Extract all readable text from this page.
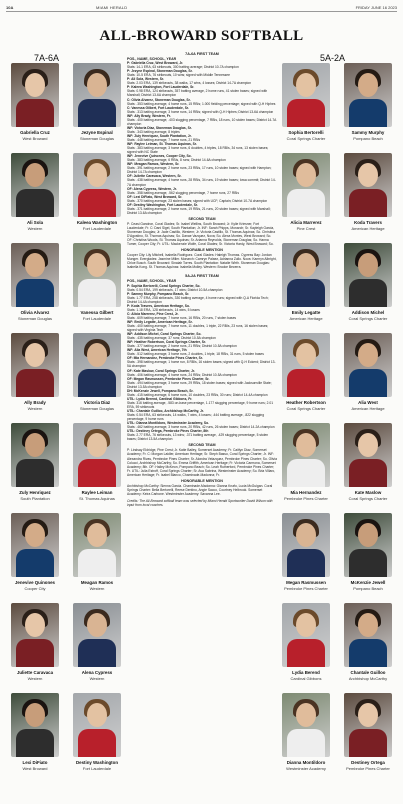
10A	MIAMI HERALD	FRIDAY JUNE 16 2023
ALL-BROWARD SOFTBALL
7A-6A	5A-2A
Gabriella Cruz
West Broward
Jezyne Espinal
Stoneman Douglas
Ali Sola
Western
Kaleea Washington
Fort Lauderdale
Olivia Alvarez
Stoneman Douglas
Vanessa Gilbert
Fort Lauderdale
Ally Brady
Western
Victoria Diaz
Stoneman Douglas
Zuly Henriquez
South Plantation
Raylee Leiman
St. Thomas Aquinas
Jenevive Quinones
Cooper City
Meagan Ramos
Western
Juliette Caravaca
Western
Alena Cypress
Western
Lexi DiFiato
West Broward
Destiny Washington
Fort Lauderdale
Sophia Bertorelli
Coral Springs Charter
Sammy Murphy
Pompano Beach
Alicia Marrerez
Pine Crest
Koda Travers
American Heritage
Emily Legatte
American Heritage
Addison Michel
Coral Springs Charter
Heather Robertson
Coral Springs Charter
Alia West
American Heritage
Mia Hernandez
Pembroke Pines Charter
Kate Maslow
Coral Springs Charter
Megan Rasmussen
Pembroke Pines Charter
McKenzie Jewell
Pompano Beach
Lydia Berend
Cardinal Gibbons
Chantale Guilloo
Archbishop McCarthy
Dianna Montildoro
Westminster Academy
Destiney Ortega
Pembroke Pines Charter
7A-6A FIRST TEAM
POS., NAME, SCHOOL, YEAR

P: Gabriella Cruz, West Broward, Jr.
Stats: 14-1 ERA, 63 strikeouts, 300 batting average; District 10-7A champion

P: Jezyne Espinal, Stoneman Douglas, Sr.
Stats: 10-5 ERA, 76 strikeouts, 10 wins; signed with Middle Tennessee

P: Ali Sola, Western, Sr.
Stats: 2.03 ERA, 139 strikeouts, 38 walks, 17 wins, 4 losses; District 14-7A champion

P: Kaleea Washington, Fort Lauderdale, Sr.
Stats: 0.98 ERA, 124 strikeouts, 357 batting average, 2 home runs, 41 stolen bases; signed with Marshall; District 13-6A champion

C: Olivia Alvarez, Stoneman Douglas, Sr.
Stats: .353 batting average, 4 home runs, 15 RBIs; 1.000 fielding percentage; signed with Q-H Hiphes

C: Vanessa Gilbert, Fort Lauderdale, Sr.
Stats: .313 batting average, 3 home runs, 14 RBIs; signed with Q-H Hiphes; District 13-6A champion

INF: Ally Brady, Western, Fr.
Stats: .400 batting average, .403 slugging percentage, 7 RBIs, 18 runs, 10 stolen bases; District 14-7A champion

INF: Victoria Diaz, Stoneman Douglas, Sr.
Stats: .343 batting average, 8 triples

INF: Zuly Henriquez, South Plantation, Jr.
Stats: .448 batting average, 7 home runs, 21 RBIs

INF: Raylee Leiman, St. Thomas Aquinas, Sr.
Stats: .383 batting average, 3 home runs, 6 doubles, 4 triples, 18 RBIs, 34 runs, 13 stolen bases; signed with NC State

INF: Jenevive Quinones, Cooper City, So.
Stats: .383 batting average, 6 RBIs, 8 runs; District 14-6A champion

INF: Meagan Ramos, Western, Sr.
Stats: .391 batting average, 2 home runs, 23 RBIs, 17 runs, 10 stolen bases; signed with Hampton; District 14-7A champion

OF: Juliette Caravaca, Western, Sr.
Stats: .438 batting average, 4 home runs, 28 RBIs, 34 runs, 19 stolen bases; Iowa commit; District 14-7A champion

OF: Alena Cypress, Western, Jr.
Stats: .358 batting average, .562 slugging percentage, 7 home runs, 27 RBIs

OF: Lexi DiFiato, West Broward, Sr.
Stats: .370 batting average, 23 stolen bases; signed with UCF; Captain; District 10-7A champion

OF: Destiny Washington, Fort Lauderdale, Sr.
Stats: .371 batting average, 2 home runs, 19 RBIs, 21 runs, 20 stolen bases; signed with Marshall; District 13-6A champion

SECOND TEAM

P: Ceasi Gandron, Coral Glades; Sr. Isabel Wellins, South Broward; Jr. Kylie Kriesner, Fort Lauderdale; Fr. C: Dani Sigel, South Plantation; Jr. INF: Sarah Phipps, Monarch; Sr. Kayleigh Garcia, Stoneman Douglas; Jr. Jade Castillo, Western; Jr. Victoria Castillo, St. Thomas Aquinas; So. Christina D'Agostino, St. Thomas Aquinas; So. Danae Vazquez, Nova; So. Alexa Montes, West Broward; So. OF: Christina Woods, St. Thomas Aquinas; Sr. Arianna Reynolds, Stoneman Douglas; So. Hanna Tumer, Cooper City; Fr. UTIL: Mackenzie Wolfe, Coral Glades; Sr. Victoria Hardy, West Broward; So.

HONORABLE MENTION

Cooper City: Lily Mitchell, Isabella Rodriguez. Coral Glades: Haleigh Thomas. Cypress Bay: Jordan Munger. Everglades: Jasmine Miller. Monarch: Camryn Palaez, Adrianna Zullo. Nova: Kamryn Albright, Chloe Busch. South Broward: Sinaiah Torres. South Plantation: Natalie Wirth. Stoneman Douglas: Isabella Kong. St. Thomas Aquinas: Isabella Molley. Western: Brooke Becerra.

5A-2A FIRST TEAM
POS., NAME, SCHOOL, YEAR

P: Sophia Bertorelli, Coral Springs Charter, So.
Stats: 0.54 ERA, 199 strikeouts, 17 wins; District 10-5A champion

P: Sammy Murphy, Pompano Beach, Sr.
Stats: 1.77 ERA, 258 strikeouts, 330 batting average, 4 home runs; signed with Q-A Florida Tech; District 14-4A champion

P: Koda Travers, American Heritage, So.
Stats: 1.18 ERA, 128 strikeouts, 14 wins, 5 losses

C: Alicia Marrerez, Pine Crest, Jr.
Stats: .609 batting average, 7 home runs, 16 RBIs, 20 runs, 7 stolen bases

INF: Emily Legatte, American Heritage, Sr.
Stats: .400 batting average, 7 home runs, 11 doubles, 1 triple, 22 RBIs, 23 runs, 16 stolen bases; signed with Virginia Tech

INF: Addison Michel, Coral Springs Charter, So.
Stats: .435 batting average, 37 runs; District 10-5A champion

INF: Heather Robertson, Coral Springs Charter, Sr.
Stats: .377 batting average, 2 home runs, 21 RBIs; District 10-5A champion

INF: Alia West, American Heritage, 7th
Stats: .512 batting average, 3 home runs, 2 doubles, 1 triple, 18 RBIs, 31 runs, 5 stolen bases

OF: Mia Hernandez, Pembroke Pines Charter, Sr.
Stats: .398 batting average, 1 home run, 8 RBIs, 16 stolen bases; signed with Q-H Eckerd; District 13-5A champion

OF: Kate Maslow, Coral Springs Charter, Jr.
Stats: .406 batting average, 4 home runs, 24 RBIs; District 10-5A champion

OF: Megan Rasmussen, Pembroke Pines Charter, Sr.
Stats: .494 batting average, 3 home runs, 29 RBIs, 18 stolen bases; signed with Jacksonville State; District 13-5A champion

DH: McKenzie Jewell, Pompano Beach, Sr.
Stats: .415 batting average, 6 home runs, 10 doubles, 23 RBIs, 30 runs; District 14-4A champion

UTIL: Lydia Berend, Cardinal Gibbons, Fr.
Stats: 316 batting average, .583 on-base percentage, 1.177 slugging percentage, 9 home runs; 2.01 ERA, 59 strikeouts

UTIL: Chantale Guilloo, Archbishop McCarthy, Jr.
Stats: 0.54 ERA, 63 strikeouts, 14 walks, 7 wins, 4 losses; .444 batting average, .822 slugging percentage, 9 home runs

UTIL: Dianna Montildoro, Westminster Academy, So.
Stats: .462 batting average, 3 home runs, 20 RBIs, 42 runs, 26 stolen bases; District 14-2A champion

UTIL: Destiney Ortega, Pembroke Pines Charter, 8th
Stats: 2.77 ERA, 76 strikeouts, 13 wins; .371 batting average, .429 slugging percentage, 5 stolen bases; District 13-5A champion

SECOND TEAM

P: Lindsay Eldridge, Pine Crest; Jr. Katie Bailey, Somerset Academy; Fr. Caitlyn Diaz, Somerset Academy; Fr. C: Morgan Laidler, American Heritage; Sr. Steph Basso, Coral Springs Charter; Jr. INF: Alexandra Rivas, Pembroke Pines Charter; Sr. Alondra Velazquez, Pembroke Pines Charter; So. Olivia Colucci, Archbishop McCarthy; So. Emma Griffith, American Heritage; Fr. Victoria Carmona, Somerset Academy; 8th. OF: Hailey McKeon, Pompano Beach; So. Leah Rutherford, Pembroke Pines Charter; Fr. UTIL: Julia Estroff, Coral Springs Charter; Sr. Ava Sabrina, Westminster Academy; So. Bria Villaro, American Heritage; Fr. Isabel Blanco, Chaminade-Madonna; Fr.

HONORABLE MENTION

Archbishop McCarthy: Sienna Garcia. Chaminade-Madonna: Gianna Knafo, Lucia McGuigan. Coral Springs Charter: Bella Bertorelli, Reese Dentino, Angie Sacco, Courtney Helbrook. Somerset Academy: Keira Carbone. Westminster Academy: Savanna Lee.

Credits: The All-Broward softball team was selected by Miami Herald Sportswriter David Wilson with input from local coaches.
